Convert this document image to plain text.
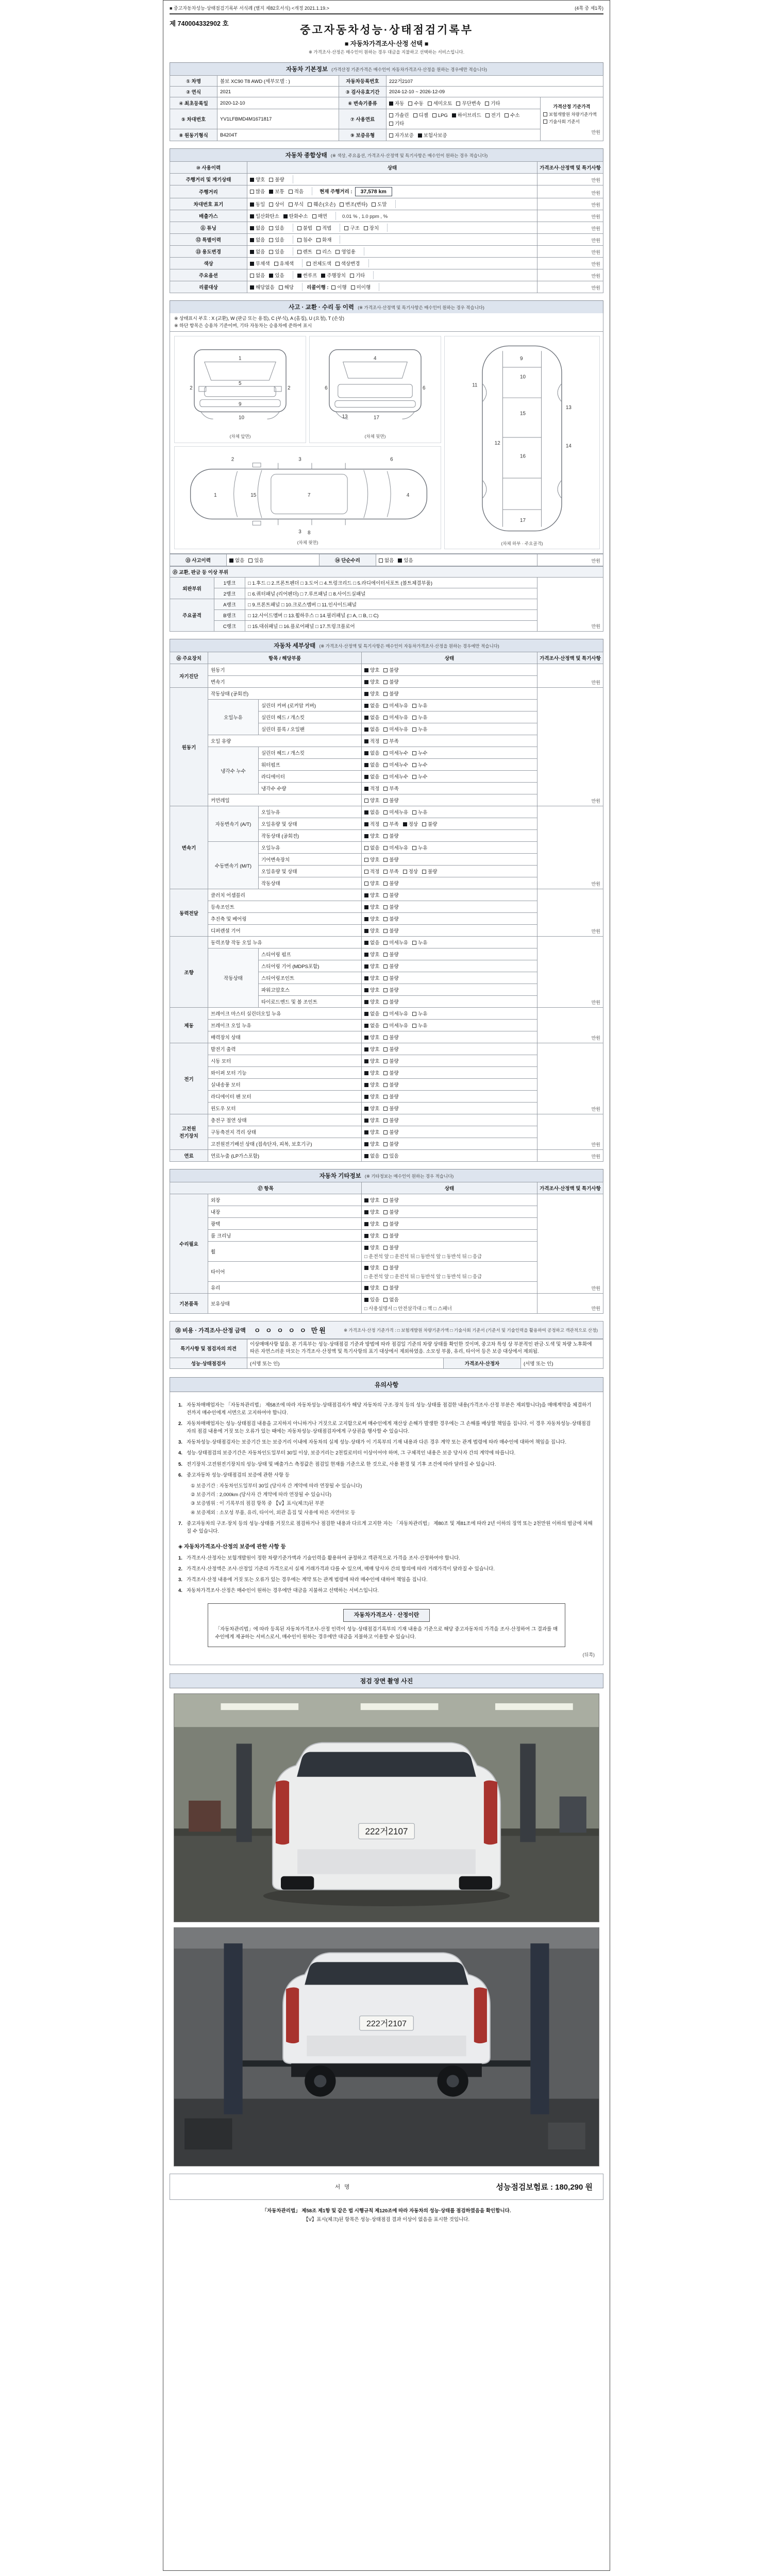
■ 중고자동차성능·상태점검기록부 서식례 (별지 제82호서식) <개정 2021.1.19.>	(4쪽 중 제1쪽)
제 740004332902 호
중고자동차성능·상태점검기록부
■ 자동차가격조사·산정 선택 ■
※ 가격조사·산정은 매수인이 원하는 경우 대금을 지불하고 선택하는 서비스입니다.
자동차 기본정보 (가격산정 기준가격은 매수인이 자동차가격조사·산정을 원하는 경우에만 적습니다)
① 차명	볼보 XC90 T8 AWD (세부모델 : )	자동차등록번호	222거2107	
② 연식	2021	③ 검사유효기간	2024-12-10 ~ 2026-12-09	
④ 최초등록일	2020-12-10	⑥ 변속기종류	자동 수동 세미오토 무단변속 기타	가격산정 기준가격
보험개발원 차량기준가액
기술사회 기준서
만원

⑤ 차대번호	YV1LFBMD4M1671817	⑦ 사용연료	가솔린 디젤 LPG 하이브리드 전기 수소기타	
⑧ 원동기형식	B4204T	⑨ 보증유형	자가보증 보험사보증	
자동차 종합상태 (※ 색상, 주요옵션, 가격조사·산정액 및 특기사항은 매수인이 원하는 경우 적습니다)
⑩ 사용이력	상태	가격조사·산정액 및 특기사항
주행거리 및 계기상태	양호 불량	만원
주행거리	많음 보통 적음 현재 주행거리 : 37,578 km	만원
차대번호 표기	동일 상이 부식 훼손(오손) 변조(변타) 도말	만원
배출가스	일산화탄소 탄화수소 매연 0.01 % , 1.0 ppm , %	만원
⑪ 튜닝	없음 있음 불법 적법 구조 장치	만원
⑫ 특별이력	없음 있음 침수 화재	만원
⑬ 용도변경	없음 있음 렌트 리스 영업용	만원
색상	무채색 유채색 전체도색 색상변경	만원
주요옵션	없음 있음 썬루프 주행장치 기타	만원
리콜대상	해당없음 해당 리콜이행 : 이행 미이행	만원
사고 · 교환 · 수리 등 이력 (※ 가격조사·산정액 및 특기사항은 매수인이 원하는 경우 적습니다)
※ 상태표시 부호 : X (교환), W (판금 또는 용접), C (부식), A (흠집), U (요철), T (손상)
※ 하단 항목은 승용차 기준이며, 기타 자동차는 승용차에 준하여 표시
1
2	2
5
9
10
(차체 앞면)
4
6	6
13	17
(차체 뒷면)
9
10
11
12
13
14
15
16
17
(차체 하부 · 주요골격)
1	7	4
2	3
3
6
8
15
(차체 윗면)
⑬ 사고이력	없음 있음	⑭ 단순수리	없음 있음	만원
⑮ 교환, 판금 등 이상 부위			
외판부위	1랭크	□ 1.후드 □ 2.프론트펜더 □ 3.도어 □ 4.트렁크리드 □ 5.라디에이터서포트 (볼트체결부품)	만원
	2랭크	□ 6.쿼터패널 (리어펜더) □ 7.루프패널 □ 8.사이드실패널	
주요골격	A랭크	□ 9.프론트패널 □ 10.크로스멤버 □ 11.인사이드패널	
	B랭크	□ 12.사이드멤버 □ 13.휠하우스 □ 14.필러패널 (□ A, □ B, □ C)	
	C랭크	□ 15.대쉬패널 □ 16.플로어패널 □ 17.트렁크플로어	
자동차 세부상태 (※ 가격조사·산정액 및 특기사항은 매수인이 자동차가격조사·산정을 원하는 경우에만 적습니다)
⑯ 주요장치	항목 / 해당부품		상태	가격조사·산정액 및 특기사항
자기진단	원동기		양호 불량	만원
	변속기		양호 불량	
원동기	작동상태 (공회전)		양호 불량	만원
	오일누유	실린더 커버 (로커암 커버)	없음 미세누유 누유	
		실린더 헤드 / 개스킷	없음 미세누유 누유	
		실린더 블록 / 오일팬	없음 미세누유 누유	
	오일 유량		적정 부족	
	냉각수 누수	실린더 헤드 / 개스킷	없음 미세누수 누수	
		워터펌프	없음 미세누수 누수	
		라디에이터	없음 미세누수 누수	
		냉각수 수량	적정 부족	
	커먼레일		양호 불량	
변속기	자동변속기 (A/T)	오일누유	없음 미세누유 누유	만원
		오일유량 및 상태	적정 부족 정상 불량	
		작동상태 (공회전)	양호 불량	
	수동변속기 (M/T)	오일누유	없음 미세누유 누유	
		기어변속장치	양호 불량	
		오일유량 및 상태	적정 부족 정상 불량	
		작동상태	양호 불량	
동력전달	클러치 어셈블리		양호 불량	만원
	등속조인트		양호 불량	
	추진축 및 베어링		양호 불량	
	디퍼렌셜 기어		양호 불량	
조향	동력조향 작동 오일 누유		없음 미세누유 누유	만원
	작동상태	스티어링 펌프	양호 불량	
		스티어링 기어 (MDPS포함)	양호 불량	
		스티어링조인트	양호 불량	
		파워고압호스	양호 불량	
		타이로드엔드 및 볼 조인트	양호 불량	
제동	브레이크 마스터 실린더오일 누유		없음 미세누유 누유	만원
	브레이크 오일 누유		없음 미세누유 누유	
	배력장치 상태		양호 불량	
전기	발전기 출력		양호 불량	만원
	시동 모터		양호 불량	
	와이퍼 모터 기능		양호 불량	
	실내송풍 모터		양호 불량	
	라디에이터 팬 모터		양호 불량	
	윈도우 모터		양호 불량	
고전원 전기장치	충전구 절연 상태		양호 불량	만원
	구동축전지 격리 상태		양호 불량	
	고전원전기배선 상태 (접속단자, 피복, 보호기구)		양호 불량	
연료	연료누출 (LP가스포함)		없음 있음	만원
자동차 기타정보 (※ 기타정보는 매수인이 원하는 경우 적습니다)
⑰ 항목		상태	가격조사·산정액 및 특기사항
수리필요	외장	양호 불량	만원
	내장	양호 불량	
	광택	양호 불량	
	룸 크리닝	양호 불량	
	휠	양호 불량
□ 운전석 앞 □ 운전석 뒤 □ 동반석 앞 □ 동반석 뒤 □ 응급	

	타이어	양호 불량
□ 운전석 앞 □ 운전석 뒤 □ 동반석 앞 □ 동반석 뒤 □ 응급	

	유리	양호 불량	
기본품목	보유상태	있음 없음
□ 사용설명서 □ 안전삼각대 □ 잭 □ 스패너	만원
⑱ 비용 · 가격조사·산정 금액 ㅇ ㅇ ㅇ ㅇ ㅇ 만원	※ 가격조사·산정 기준가격 : □ 보험개발원 차량기준가액 □ 기술사회 기준서 (기준서 및 기술인력을 활용하여 공정하고 객관적으로 산정)
특기사항 및 점검자의 의견	이상매매사항 없음. 본 기록부는 성능·상태점검 기준과 방법에 따라 점검일 기준의 차량 상태를 확인한 것이며, 중고차 특성 상 부분적인 판금·도색 및 차량 노후화에 따른 자연스러운 마모는 가격조사·산정액 및 특기사항의 표기 대상에서 제외하였음. 소모성 부품, 유리, 타이어 등은 보증 대상에서 제외됨.		
성능·상태점검자	(서명 또는 인)	가격조사·산정자	(서명 또는 인)
유의사항
1. 자동차매매업자는 「자동차관리법」 제58조에 따라 자동차성능·상태점검자가 해당 자동차의 구조·장치 등의 성능·상태를 점검한 내용(가격조사·산정 부분은 제외합니다)을 매매계약을 체결하기 전까지 매수인에게 서면으로 고지하여야 합니다.
2. 자동차매매업자는 성능·상태점검 내용을 고지하지 아니하거나 거짓으로 고지함으로써 매수인에게 재산상 손해가 발생한 경우에는 그 손해를 배상할 책임을 집니다. 이 경우 자동차성능·상태점검자의 점검 내용에 거짓 또는 오류가 있는 때에는 자동차성능·상태점검자에게 구상권을 행사할 수 있습니다.
3. 자동차성능·상태점검자는 보증기간 또는 보증거리 이내에 자동차의 실제 성능·상태가 이 기록부의 기재 내용과 다른 경우 계약 또는 관계 법령에 따라 매수인에 대하여 책임을 집니다.
4. 성능·상태점검의 보증기간은 자동차인도일부터 30일 이상, 보증거리는 2천킬로미터 이상이어야 하며, 그 구체적인 내용은 보증 당사자 간의 계약에 따릅니다.
5. 전기장치·고전원전기장치의 성능·상태 및 배출가스 측정값은 점검일 현재를 기준으로 한 것으로, 사용 환경 및 기후 조건에 따라 달라질 수 있습니다.
6. 중고자동차 성능·상태점검의 보증에 관한 사항 등
① 보증기간 : 자동차인도일부터 30일 (당사자 간 계약에 따라 연장될 수 있습니다)
② 보증거리 : 2,000km (당사자 간 계약에 따라 연장될 수 있습니다)
③ 보증범위 : 이 기록부의 점검 항목 중 【V】표시(체크)된 부분
④ 보증제외 : 소모성 부품, 유리, 타이어, 외관 흠집 및 사용에 따른 자연마모 등
7. 중고자동차의 구조·장치 등의 성능·상태를 거짓으로 점검하거나 점검한 내용과 다르게 고지한 자는 「자동차관리법」 제80조 및 제81조에 따라 2년 이하의 징역 또는 2천만원 이하의 벌금에 처해질 수 있습니다.
◈ 자동차가격조사·산정의 보증에 관한 사항 등
1. 가격조사·산정자는 보험개발원이 정한 차량기준가액과 기술인력을 활용하여 공정하고 객관적으로 가격을 조사·산정하여야 합니다.
2. 가격조사·산정액은 조사·산정일 기준의 가격으로서 실제 거래가격과 다를 수 있으며, 매매 당사자 간의 합의에 따라 거래가격이 달라질 수 있습니다.
3. 가격조사·산정 내용에 거짓 또는 오류가 있는 경우에는 계약 또는 관계 법령에 따라 매수인에 대하여 책임을 집니다.
4. 자동차가격조사·산정은 매수인이 원하는 경우에만 대금을 지불하고 선택하는 서비스입니다.
자동차가격조사 · 산정이란
「자동차관리법」에 따라 등록된 자동차가격조사·산정 인력이 성능·상태점검기록부의 기재 내용을 기준으로 해당 중고자동차의 가격을 조사·산정하여 그 결과를 매수인에게 제공하는 서비스로서, 매수인이 원하는 경우에만 대금을 지불하고 이용할 수 있습니다.
(뒤쪽)
점검 장면 촬영 사진
222거2107
222거2107
서명	성능점검보험료 : 180,290 원
「자동차관리법」 제58조 제1항 및 같은 법 시행규칙 제120조에 따라 자동차의 성능·상태를 점검하였음을 확인합니다.
【V】표시(체크)된 항목은 성능·상태점검 결과 이상이 없음을 표시한 것입니다.
